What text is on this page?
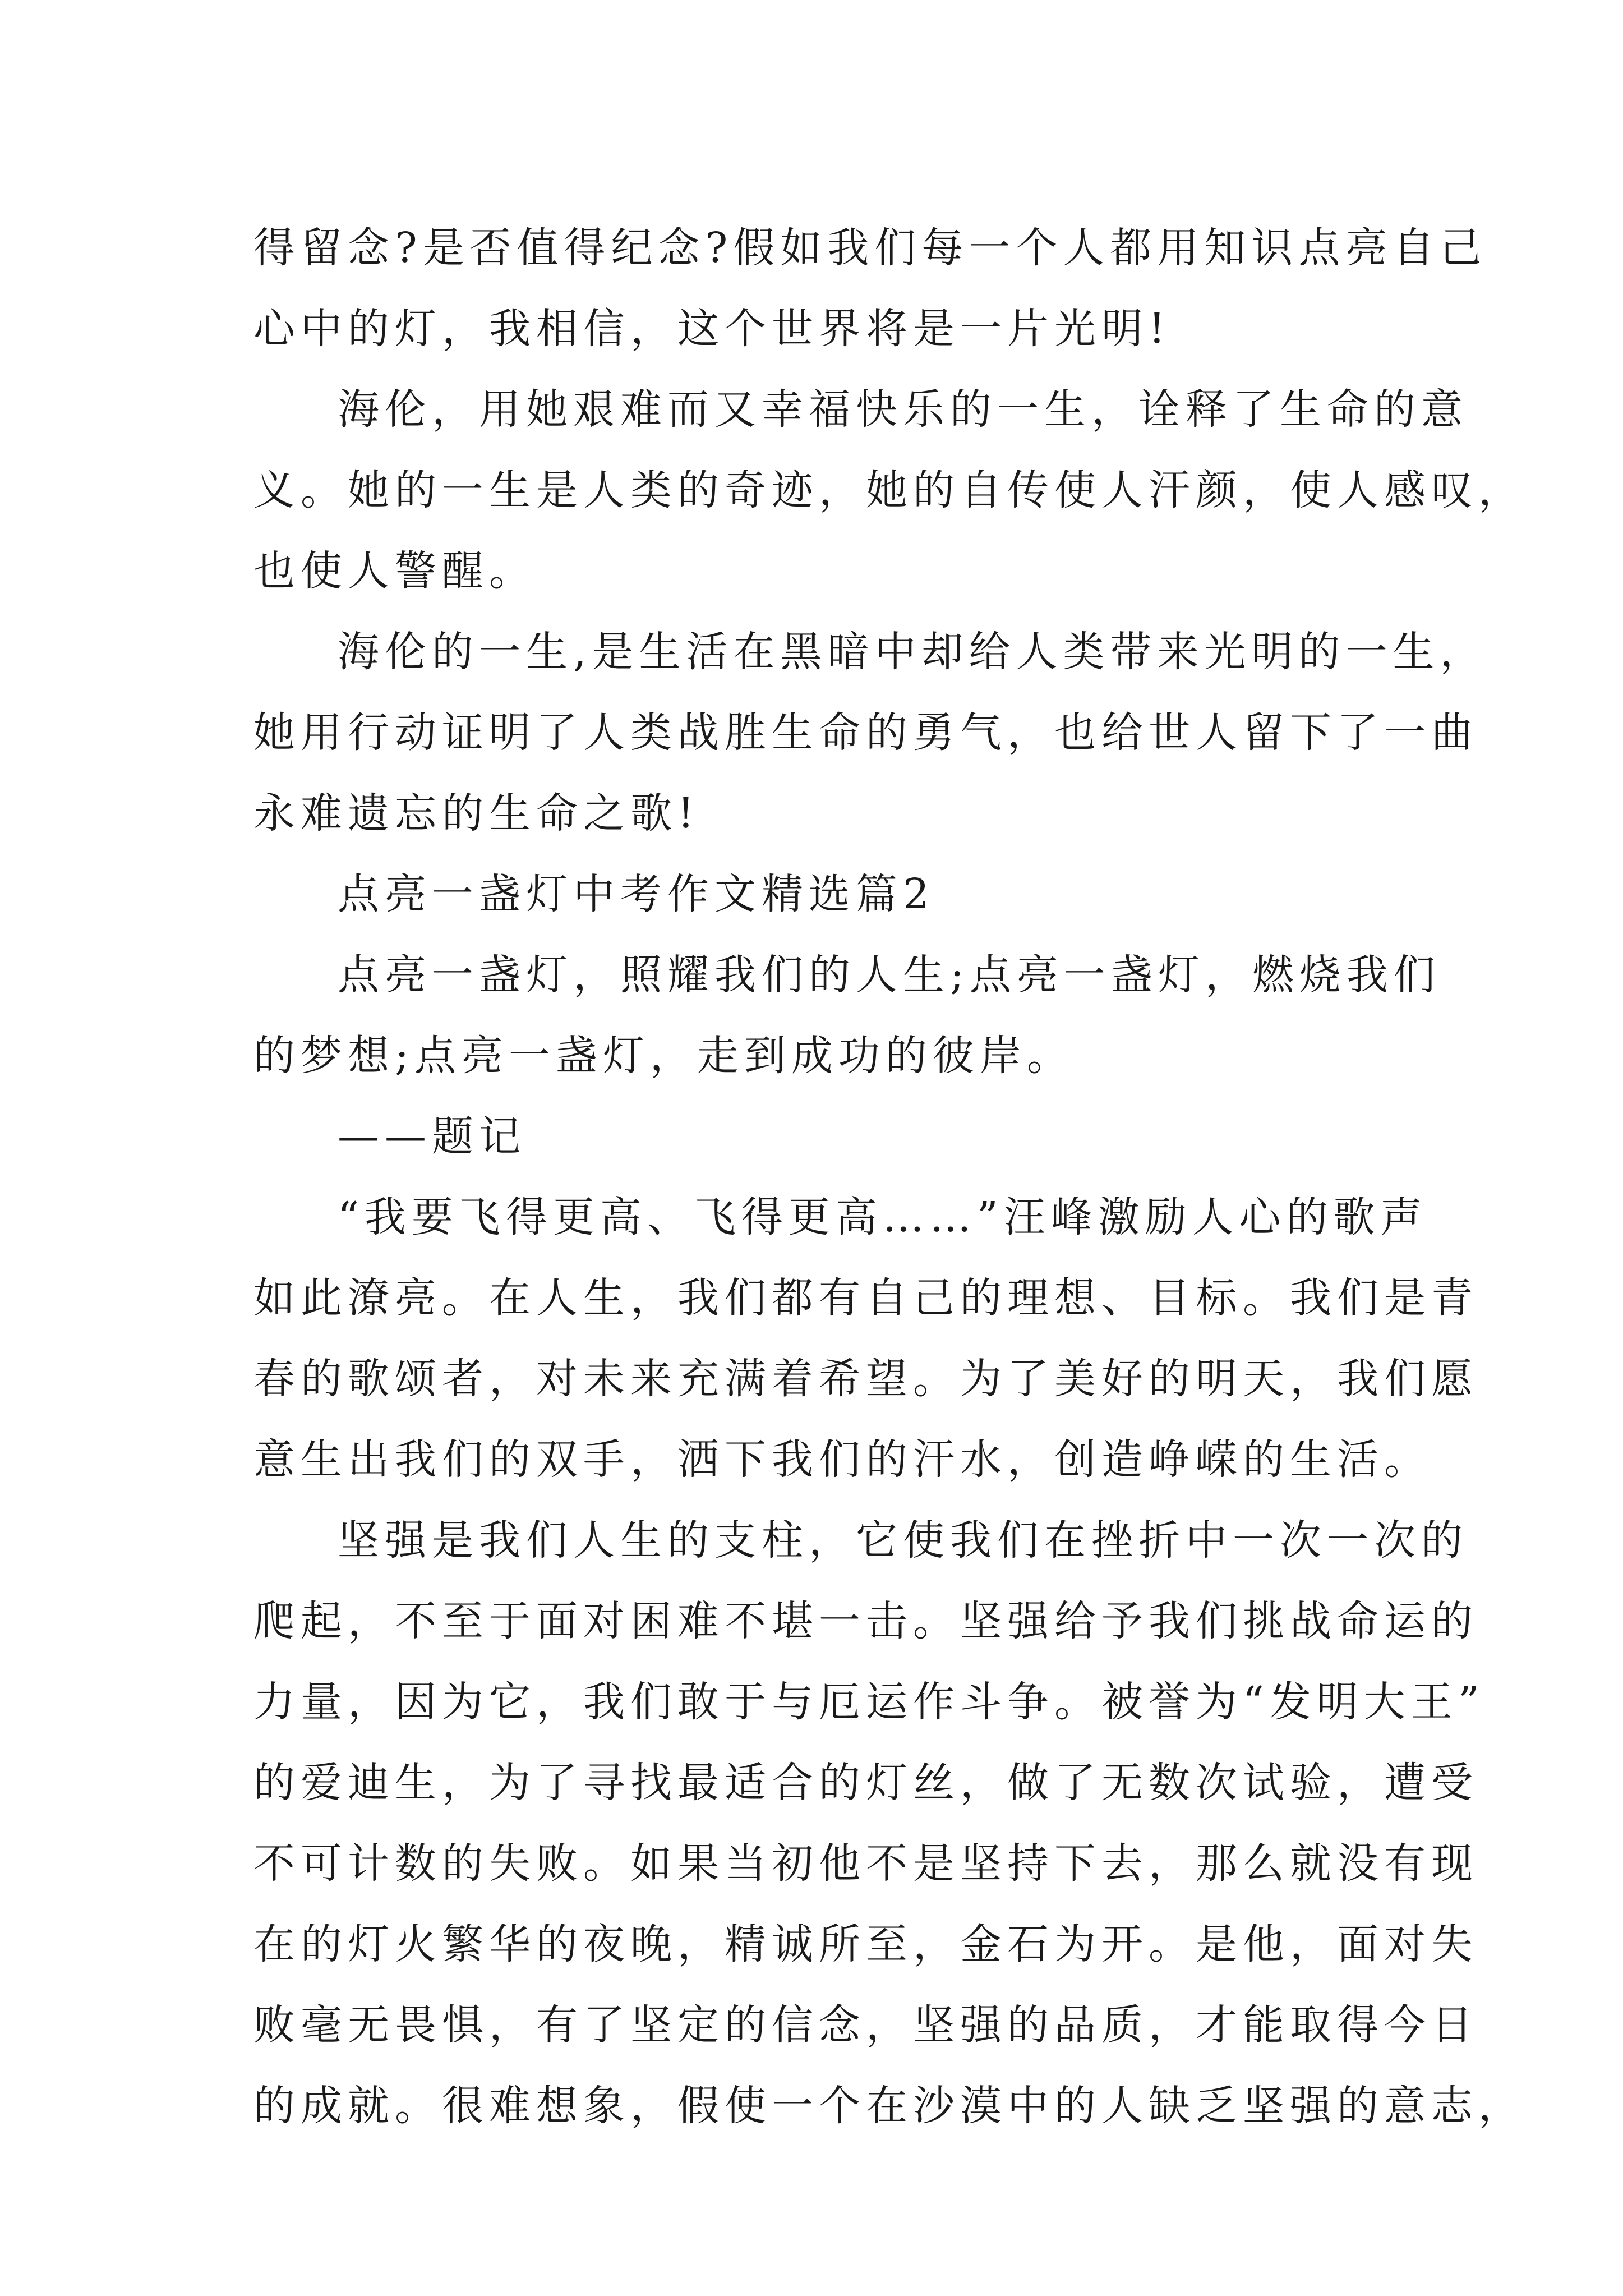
得留念?是否值得纪念?假如我们每一个人都用知识点亮自己
心中的灯，我相信，这个世界将是一片光明!
海伦，用她艰难而又幸福快乐的一生，诠释了生命的意
义。她的一生是人类的奇迹，她的自传使人汗颜，使人感叹，
也使人警醒。
海伦的一生,是生活在黑暗中却给人类带来光明的一生，
她用行动证明了人类战胜生命的勇气，也给世人留下了一曲
永难遗忘的生命之歌!
点亮一盏灯中考作文精选篇2
点亮一盏灯，照耀我们的人生;点亮一盏灯，燃烧我们
的梦想;点亮一盏灯，走到成功的彼岸。
——题记
“我要飞得更高、飞得更高……”汪峰激励人心的歌声
如此潦亮。在人生，我们都有自己的理想、目标。我们是青
春的歌颂者，对未来充满着希望。为了美好的明天，我们愿
意生出我们的双手，洒下我们的汗水，创造峥嵘的生活。
坚强是我们人生的支柱，它使我们在挫折中一次一次的
爬起，不至于面对困难不堪一击。坚强给予我们挑战命运的
力量，因为它，我们敢于与厄运作斗争。被誉为“发明大王”
的爱迪生，为了寻找最适合的灯丝，做了无数次试验，遭受
不可计数的失败。如果当初他不是坚持下去，那么就没有现
在的灯火繁华的夜晚，精诚所至，金石为开。是他，面对失
败毫无畏惧，有了坚定的信念，坚强的品质，才能取得今日
的成就。很难想象，假使一个在沙漠中的人缺乏坚强的意志，
